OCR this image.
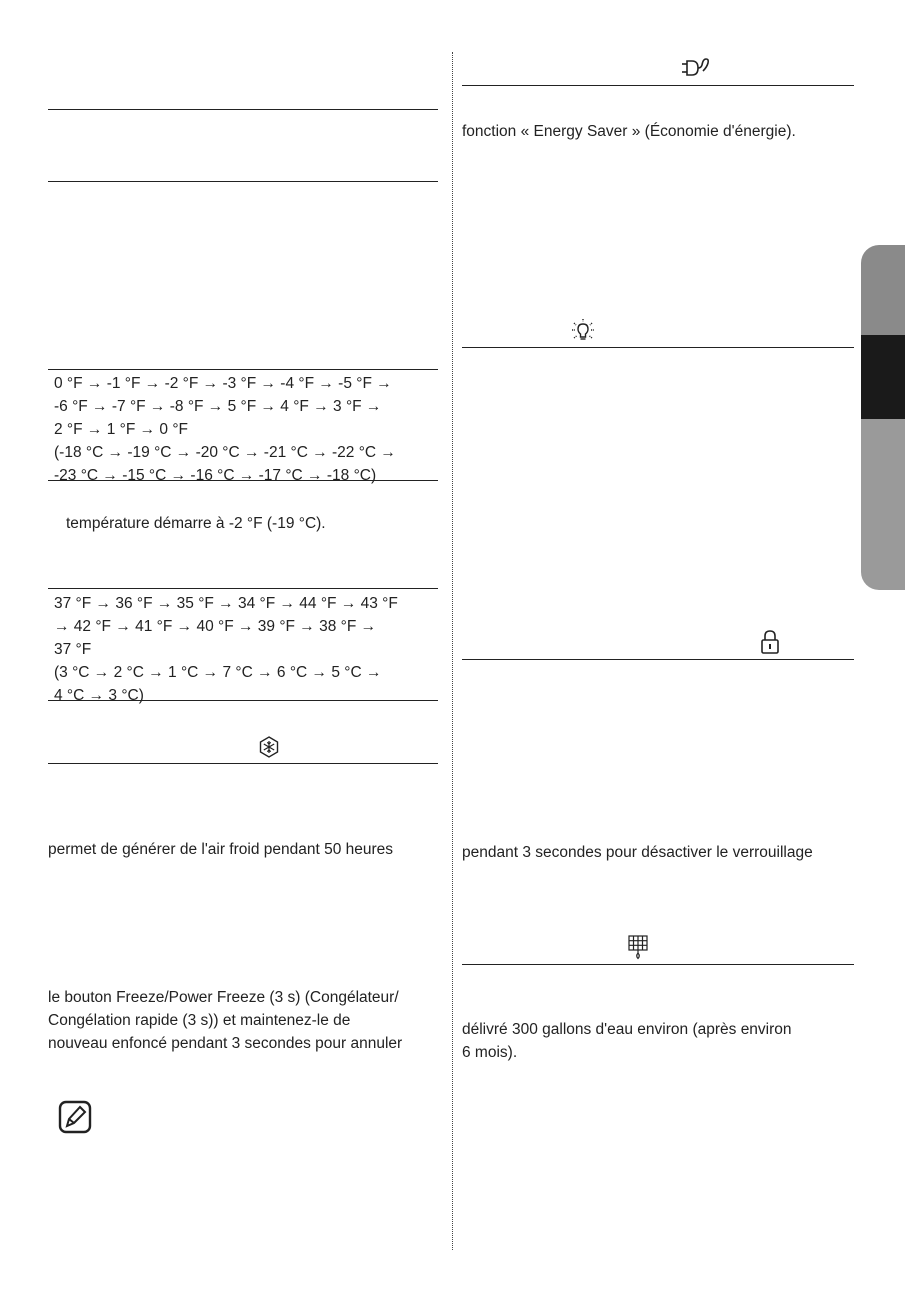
0 °F → -1 °F → -2 °F → -3 °F → -4 °F → -5 °F →
-6 °F → -7 °F → -8 °F → 5 °F → 4 °F → 3 °F →
2 °F → 1 °F → 0 °F
(-18 °C → -19 °C → -20 °C → -21 °C → -22 °C →
-23 °C → -15 °C → -16 °C → -17 °C → -18 °C)
température démarre à -2 °F (-19 °C).
37 °F → 36 °F → 35 °F → 34 °F → 44 °F → 43 °F
→ 42 °F → 41 °F → 40 °F → 39 °F → 38 °F →
37 °F
(3 °C → 2 °C → 1 °C → 7 °C → 6 °C → 5 °C →
4 °C → 3 °C)
permet de générer de l'air froid pendant 50 heures
le bouton Freeze/Power Freeze (3 s) (Congélateur/
Congélation rapide (3 s)) et maintenez-le de
nouveau enfoncé pendant 3 secondes pour annuler
fonction « Energy Saver » (Économie d'énergie).
pendant 3 secondes pour désactiver le verrouillage
délivré 300 gallons d'eau environ (après environ
6 mois).
